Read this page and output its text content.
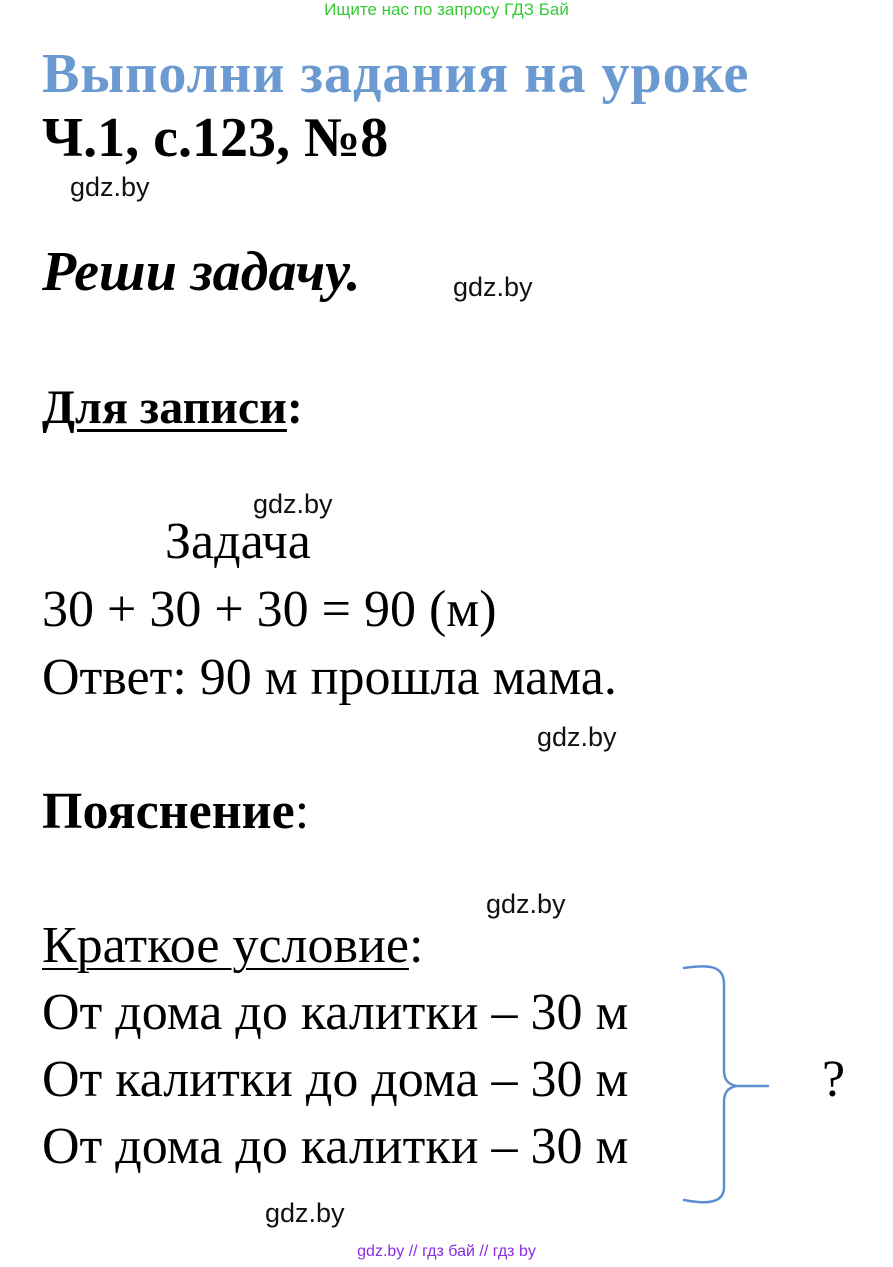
Ищите нас по запросу ГДЗ Бай
Выполни задания на уроке
Ч.1, с.123, №8
gdz.by
Реши задачу.	gdz.by
Для записи:
gdz.by
Задача
30 + 30 + 30 = 90 (м)
Ответ: 90 м прошла мама.
gdz.by
Пояснение:
gdz.by
Краткое условие:
От дома до калитки – 30 м
От калитки до дома – 30 м
От дома до калитки – 30 м
?
gdz.by
gdz.by // гдз бай // гдз by
